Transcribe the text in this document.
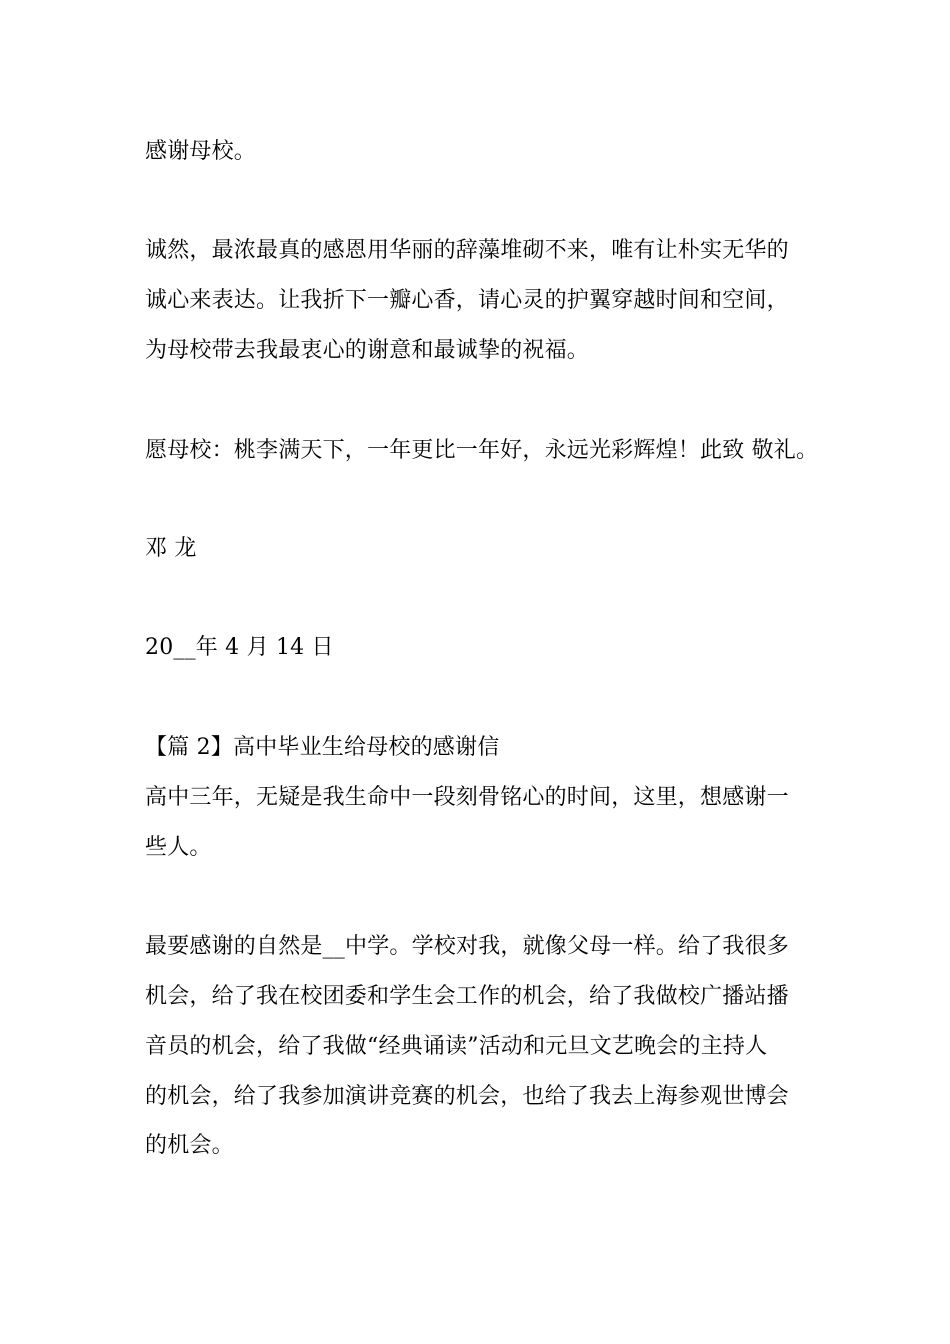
感谢母校。
诚然，最浓最真的感恩用华丽的辞藻堆砌不来，唯有让朴实无华的
诚心来表达。让我折下一瓣心香，请心灵的护翼穿越时间和空间，
为母校带去我最衷心的谢意和最诚挚的祝福。
愿母校：桃李满天下，一年更比一年好，永远光彩辉煌！此致 敬礼。
邓 龙
20__年 4 月 14 日
【篇 2】高中毕业生给母校的感谢信
高中三年，无疑是我生命中一段刻骨铭心的时间，这里，想感谢一
些人。
最要感谢的自然是__中学。学校对我，就像父母一样。给了我很多
机会，给了我在校团委和学生会工作的机会，给了我做校广播站播
音员的机会，给了我做“经典诵读”活动和元旦文艺晚会的主持人
的机会，给了我参加演讲竞赛的机会，也给了我去上海参观世博会
的机会。
